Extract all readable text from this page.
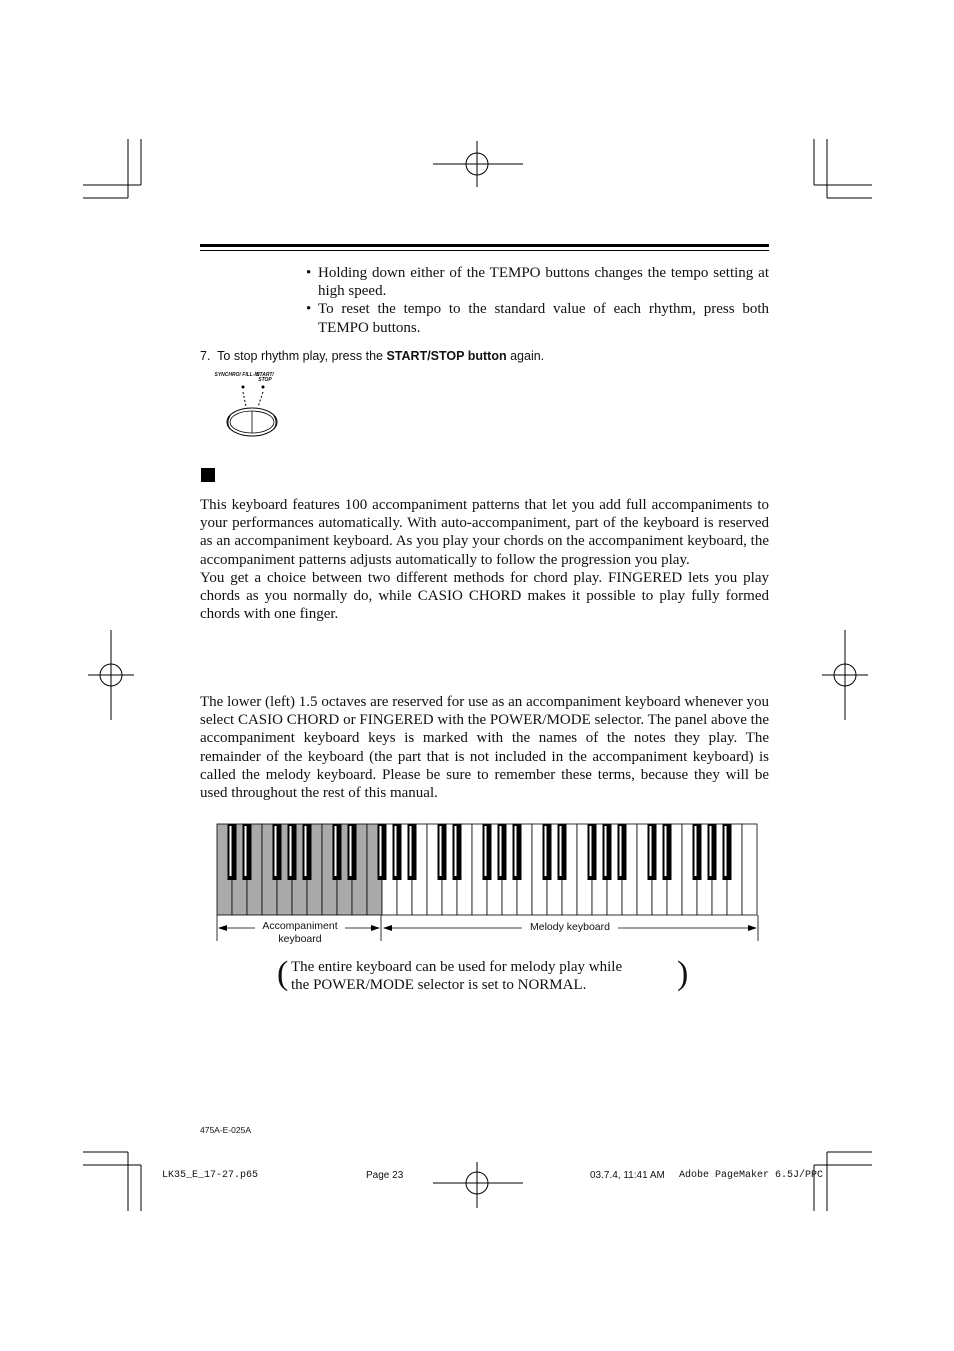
• Holding down either of the TEMPO buttons changes the tempo setting at high speed.
• To reset the tempo to the standard value of each rhythm, press both TEMPO buttons.
7. To stop rhythm play, press the START/STOP button again.
SYNCHRO/ FILL-IN
START/ STOP

This keyboard features 100 accompaniment patterns that let you add full accompaniments to your performances automatically. With auto-accompaniment, part of the keyboard is reserved as an accompaniment keyboard. As you play your chords on the accompaniment keyboard, the accompaniment patterns adjusts automatically to follow the progression you play.
You get a choice between two different methods for chord play. FINGERED lets you play chords as you normally do, while CASIO CHORD makes it possible to play fully formed chords with one finger.

The lower (left) 1.5 octaves are reserved for use as an accompaniment keyboard whenever you select CASIO CHORD or FINGERED with the POWER/MODE selector. The panel above the accompaniment keyboard keys is marked with the names of the notes they play. The remainder of the keyboard (the part that is not included in the accompaniment keyboard) is called the melody keyboard. Please be sure to remember these terms, because they will be used throughout the rest of this manual.

Accompaniment
keyboard
Melody keyboard
( The entire keyboard can be used for melody play while
the POWER/MODE selector is set to NORMAL.	)
475A-E-025A
LK35_E_17-27.p65	Page 23	03.7.4, 11:41 AM Adobe PageMaker 6.5J/PPC
